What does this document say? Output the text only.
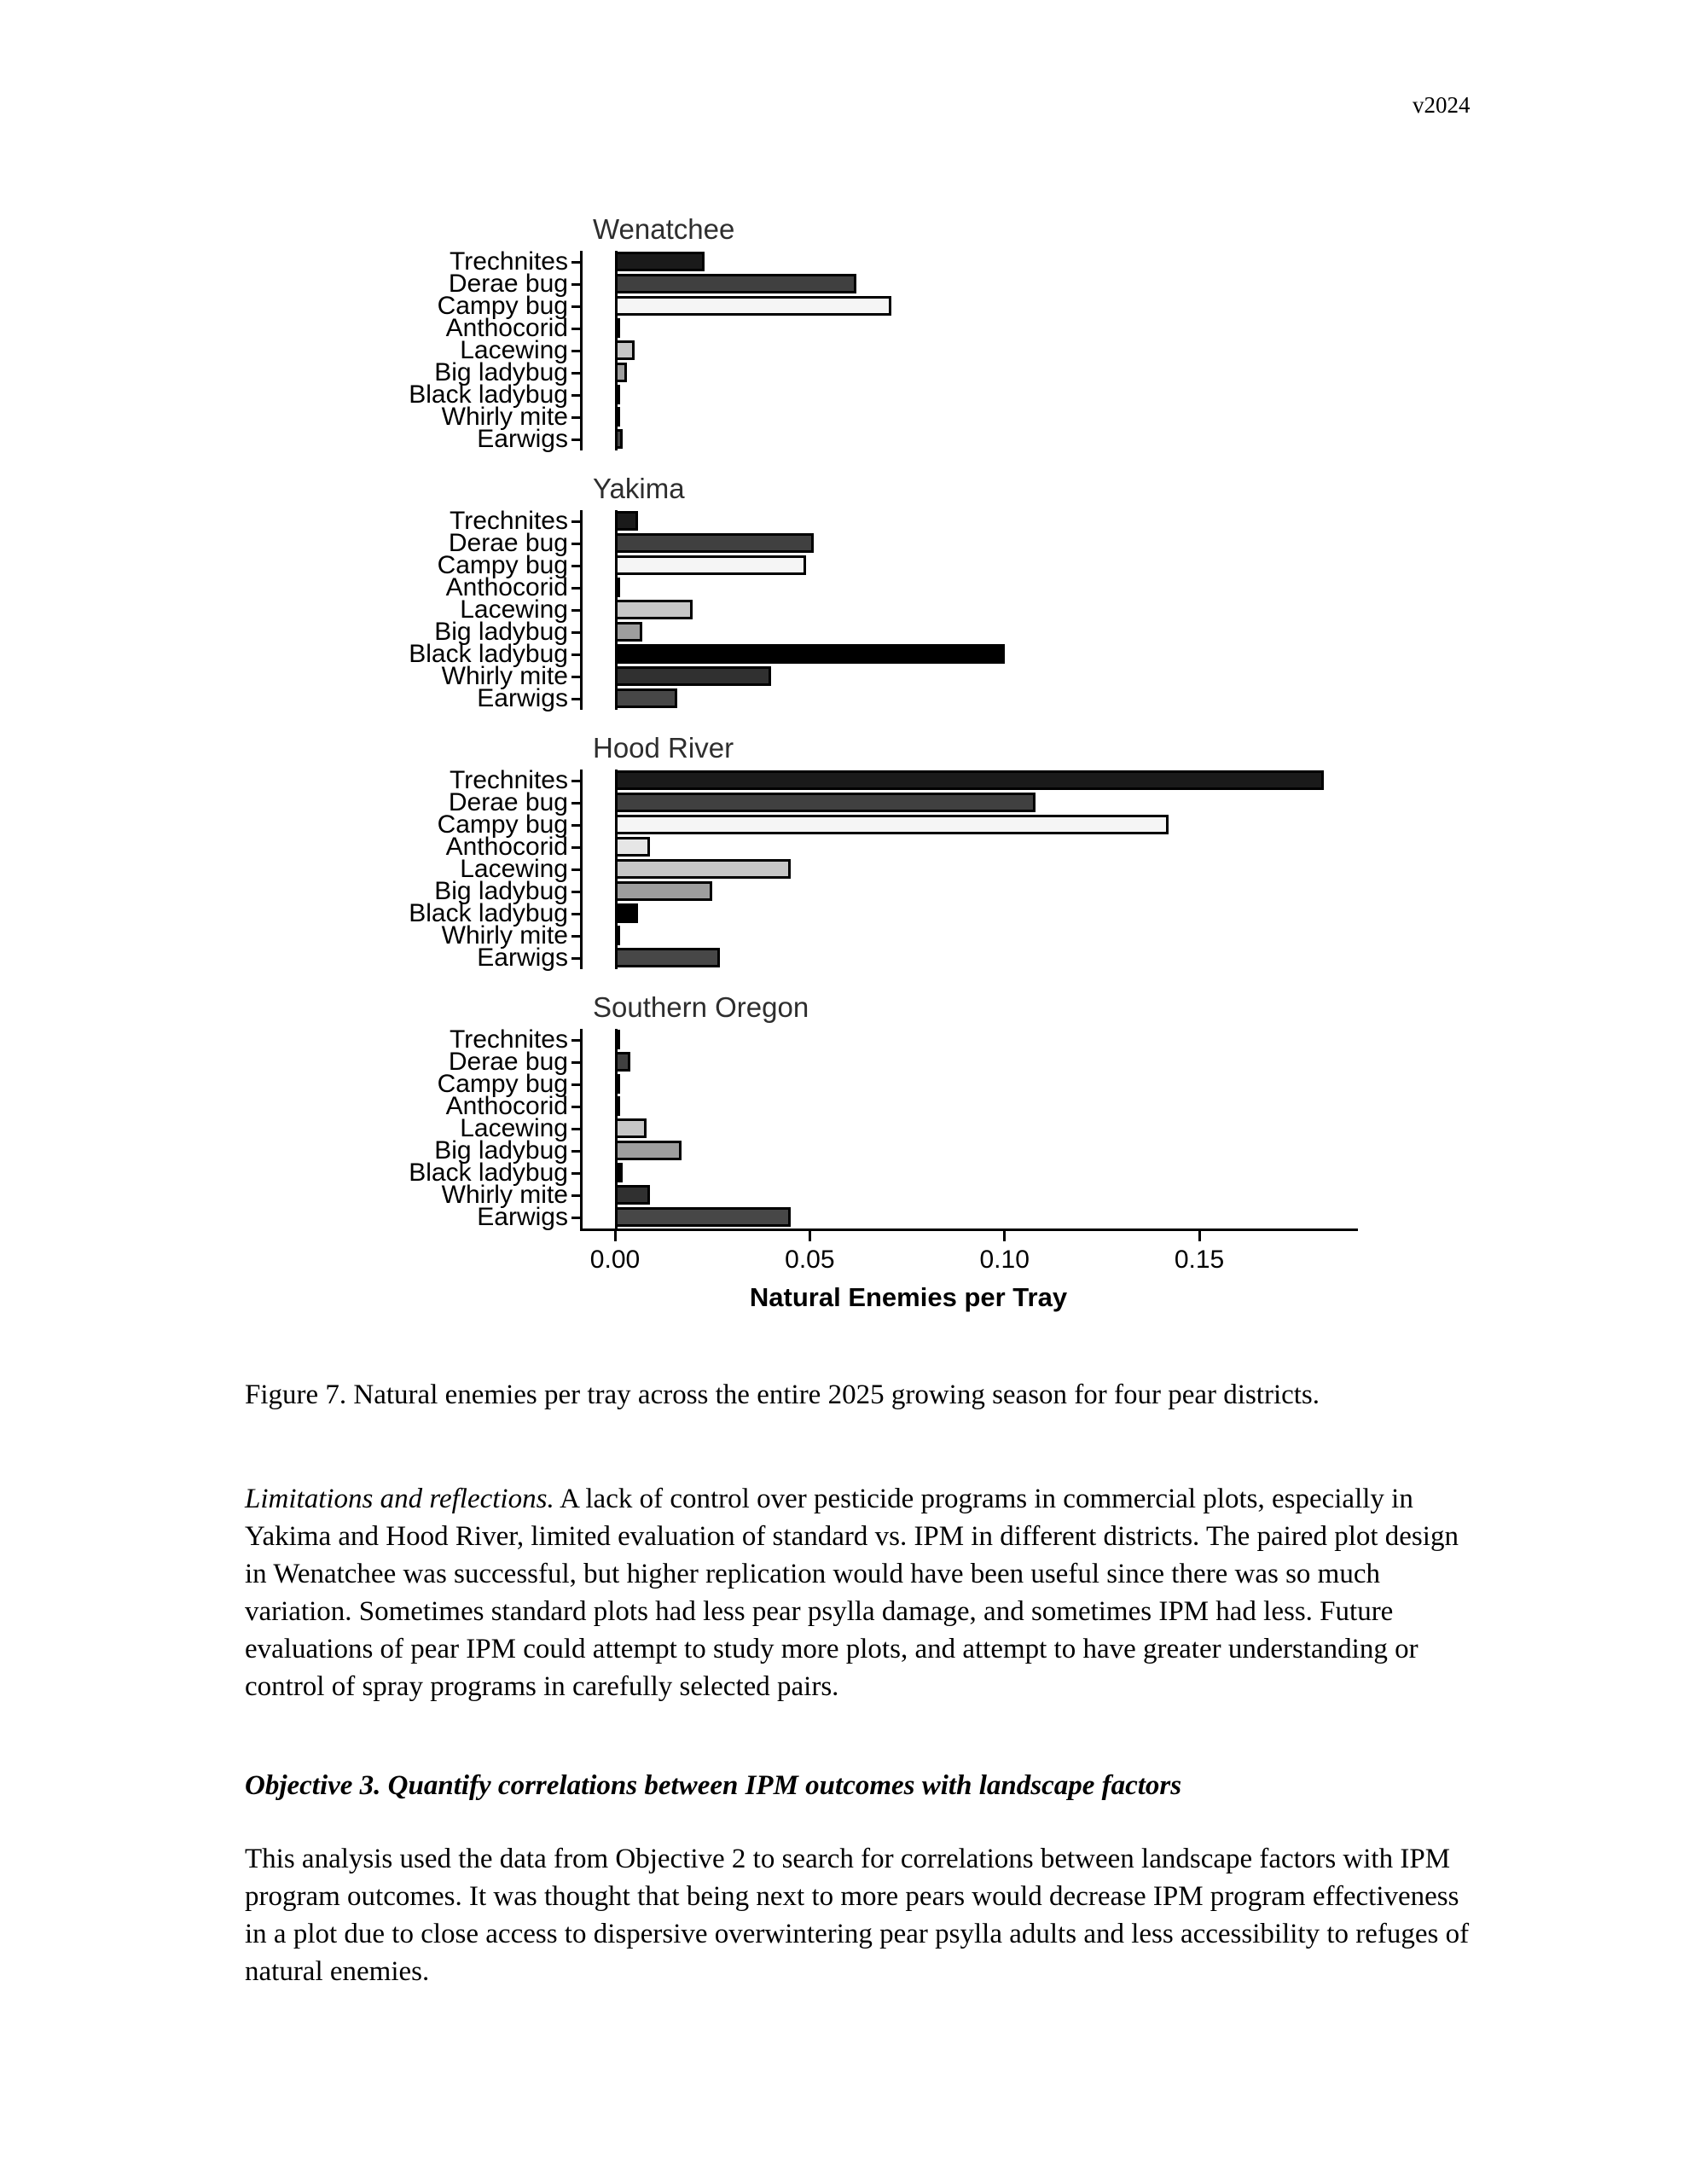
v2024
Wenatchee
Trechnites
Derae bug
Campy bug
Anthocorid
Lacewing
Big ladybug
Black ladybug
Whirly mite
Earwigs
Yakima
Trechnites
Derae bug
Campy bug
Anthocorid
Lacewing
Big ladybug
Black ladybug
Whirly mite
Earwigs
Hood River
Trechnites
Derae bug
Campy bug
Anthocorid
Lacewing
Big ladybug
Black ladybug
Whirly mite
Earwigs
Southern Oregon
Trechnites
Derae bug
Campy bug
Anthocorid
Lacewing
Big ladybug
Black ladybug
Whirly mite
Earwigs
0.00	0.05	0.10	0.15
Natural Enemies per Tray

Figure 7. Natural enemies per tray across the entire 2025 growing season for four pear districts.

Limitations and reflections. A lack of control over pesticide programs in commercial plots, especially in Yakima and Hood River, limited evaluation of standard vs. IPM in different districts. The paired plot design in Wenatchee was successful, but higher replication would have been useful since there was so much variation. Sometimes standard plots had less pear psylla damage, and sometimes IPM had less. Future evaluations of pear IPM could attempt to study more plots, and attempt to have greater understanding or control of spray programs in carefully selected pairs.

Objective 3. Quantify correlations between IPM outcomes with landscape factors

This analysis used the data from Objective 2 to search for correlations between landscape factors with IPM program outcomes. It was thought that being next to more pears would decrease IPM program effectiveness in a plot due to close access to dispersive overwintering pear psylla adults and less accessibility to refuges of natural enemies.
